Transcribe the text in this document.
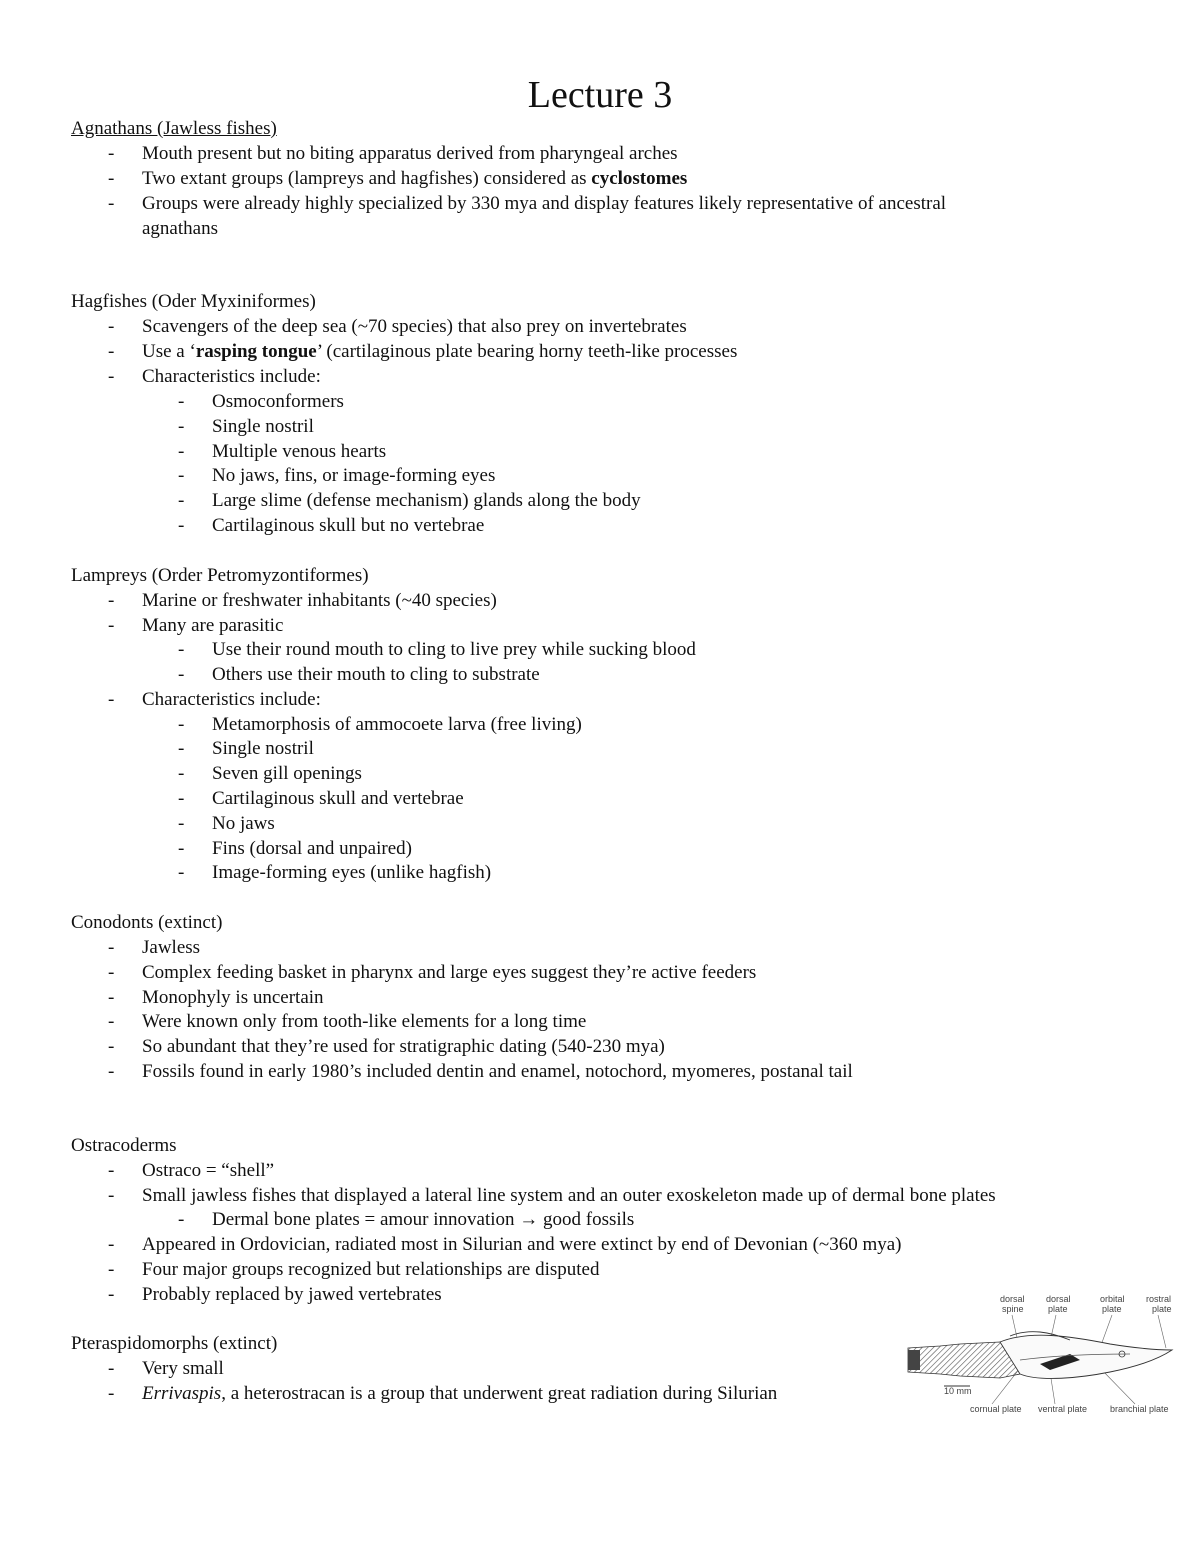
Lecture 3
Agnathans (Jawless fishes)
- Mouth present but no biting apparatus derived from pharyngeal arches
- Two extant groups (lampreys and hagfishes) considered as cyclostomes
- Groups were already highly specialized by 330 mya and display features likely representative of ancestral
agnathans
Hagfishes (Oder Myxiniformes)
- Scavengers of the deep sea (~70 species) that also prey on invertebrates
- Use a ‘rasping tongue’ (cartilaginous plate bearing horny teeth-like processes
- Characteristics include:
- Osmoconformers
- Single nostril
- Multiple venous hearts
- No jaws, fins, or image-forming eyes
- Large slime (defense mechanism) glands along the body
- Cartilaginous skull but no vertebrae
Lampreys (Order Petromyzontiformes)
- Marine or freshwater inhabitants (~40 species)
- Many are parasitic
- Use their round mouth to cling to live prey while sucking blood
- Others use their mouth to cling to substrate
- Characteristics include:
- Metamorphosis of ammocoete larva (free living)
- Single nostril
- Seven gill openings
- Cartilaginous skull and vertebrae
- No jaws
- Fins (dorsal and unpaired)
- Image-forming eyes (unlike hagfish)
Conodonts (extinct)
- Jawless
- Complex feeding basket in pharynx and large eyes suggest they’re active feeders
- Monophyly is uncertain
- Were known only from tooth-like elements for a long time
- So abundant that they’re used for stratigraphic dating (540-230 mya)
- Fossils found in early 1980’s included dentin and enamel, notochord, myomeres, postanal tail
Ostracoderms
- Ostraco = “shell”
- Small jawless fishes that displayed a lateral line system and an outer exoskeleton made up of dermal bone plates
- Dermal bone plates = amour innovation → good fossils
- Appeared in Ordovician, radiated most in Silurian and were extinct by end of Devonian (~360 mya)
- Four major groups recognized but relationships are disputed
- Probably replaced by jawed vertebrates
Pteraspidomorphs (extinct)
- Very small
- Errivaspis, a heterostracan is a group that underwent great radiation during Silurian
dorsal
spine
dorsal
plate
orbital
plate
rostral
plate
10 mm
cornual plate ventral plate	branchial plate
